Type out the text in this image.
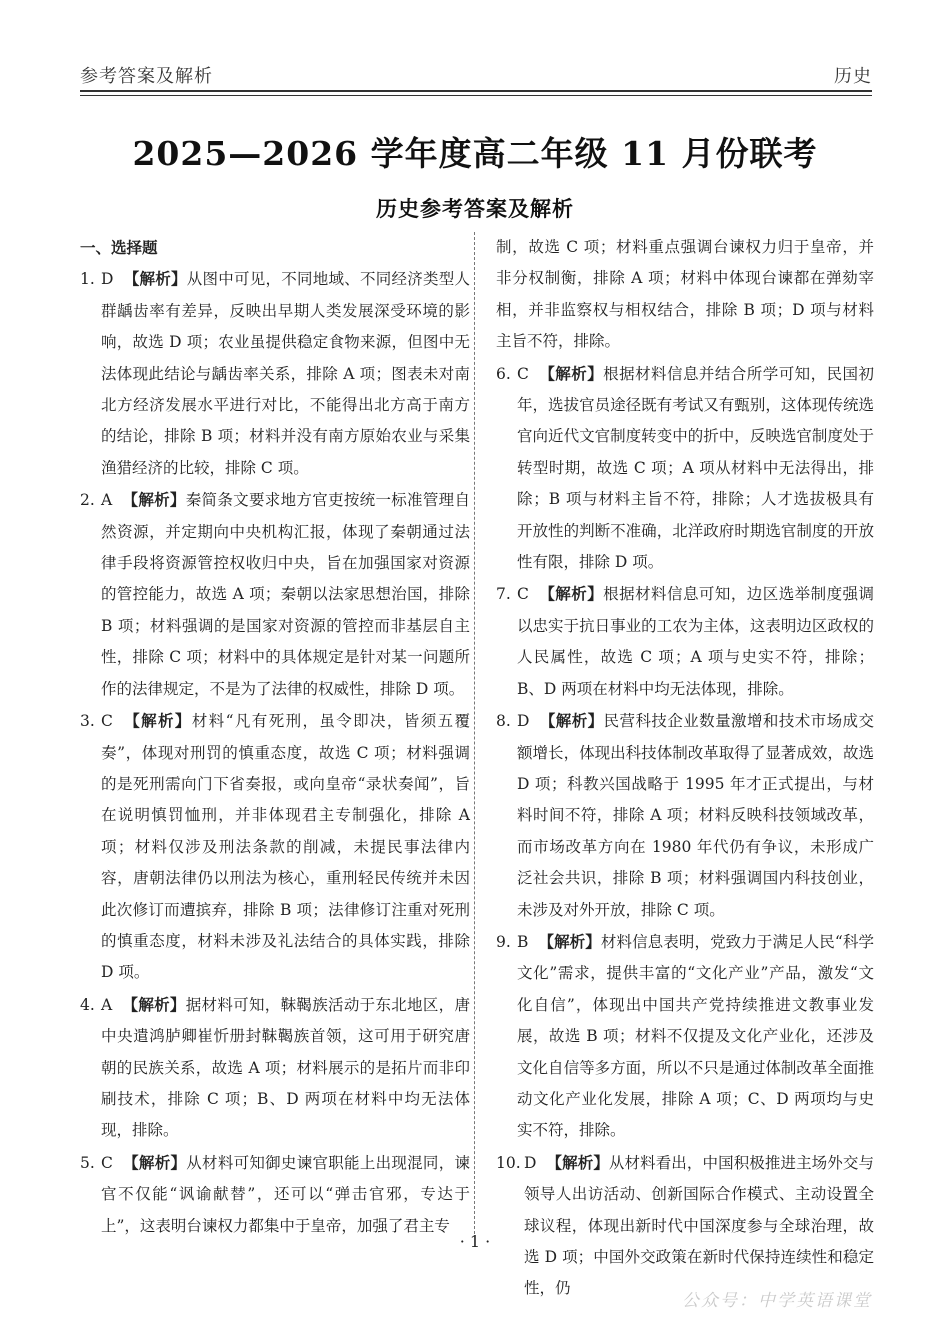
参考答案及解析	历史
2025—2026 学年度高二年级 11 月份联考
历史参考答案及解析
一、选择题

1. D 【解析】从图中可见，不同地域、不同经济类型人群龋齿率有差异，反映出早期人类发展深受环境的影响，故选 D 项；农业虽提供稳定食物来源，但图中无法体现此结论与龋齿率关系，排除 A 项；图表未对南北方经济发展水平进行对比，不能得出北方高于南方的结论，排除 B 项；材料并没有南方原始农业与采集渔猎经济的比较，排除 C 项。

2. A 【解析】秦简条文要求地方官吏按统一标准管理自然资源，并定期向中央机构汇报，体现了秦朝通过法律手段将资源管控权收归中央，旨在加强国家对资源的管控能力，故选 A 项；秦朝以法家思想治国，排除 B 项；材料强调的是国家对资源的管控而非基层自主性，排除 C 项；材料中的具体规定是针对某一问题所作的法律规定，不是为了法律的权威性，排除 D 项。

3. C 【解析】材料“凡有死刑，虽令即决，皆须五覆奏”，体现对刑罚的慎重态度，故选 C 项；材料强调的是死刑需向门下省奏报，或向皇帝“录状奏闻”，旨在说明慎罚恤刑，并非体现君主专制强化，排除 A 项；材料仅涉及刑法条款的削减，未提民事法律内容，唐朝法律仍以刑法为核心，重刑轻民传统并未因此次修订而遭摈弃，排除 B 项；法律修订注重对死刑的慎重态度，材料未涉及礼法结合的具体实践，排除 D 项。

4. A 【解析】据材料可知，靺鞨族活动于东北地区，唐中央遣鸿胪卿崔忻册封靺鞨族首领，这可用于研究唐朝的民族关系，故选 A 项；材料展示的是拓片而非印刷技术，排除 C 项；B、D 两项在材料中均无法体现，排除。

5. C 【解析】从材料可知御史谏官职能上出现混同，谏官不仅能“讽谕献替”，还可以“弹击官邪，专达于上”，这表明台谏权力都集中于皇帝，加强了君主专

制，故选 C 项；材料重点强调台谏权力归于皇帝，并非分权制衡，排除 A 项；材料中体现台谏都在弹劾宰相，并非监察权与相权结合，排除 B 项；D 项与材料主旨不符，排除。

6. C 【解析】根据材料信息并结合所学可知，民国初年，选拔官员途径既有考试又有甄别，这体现传统选官向近代文官制度转变中的折中，反映选官制度处于转型时期，故选 C 项；A 项从材料中无法得出，排除；B 项与材料主旨不符，排除；人才选拔极具有开放性的判断不准确，北洋政府时期选官制度的开放性有限，排除 D 项。

7. C 【解析】根据材料信息可知，边区选举制度强调以忠实于抗日事业的工农为主体，这表明边区政权的人民属性，故选 C 项；A 项与史实不符，排除；B、D 两项在材料中均无法体现，排除。

8. D 【解析】民营科技企业数量激增和技术市场成交额增长，体现出科技体制改革取得了显著成效，故选 D 项；科教兴国战略于 1995 年才正式提出，与材料时间不符，排除 A 项；材料反映科技领域改革，而市场改革方向在 1980 年代仍有争议，未形成广泛社会共识，排除 B 项；材料强调国内科技创业，未涉及对外开放，排除 C 项。

9. B 【解析】材料信息表明，党致力于满足人民“科学文化”需求，提供丰富的“文化产业”产品，激发“文化自信”，体现出中国共产党持续推进文教事业发展，故选 B 项；材料不仅提及文化产业化，还涉及文化自信等多方面，所以不只是通过体制改革全面推动文化产业化发展，排除 A 项；C、D 两项均与史实不符，排除。

10. D 【解析】从材料看出，中国积极推进主场外交与领导人出访活动、创新国际合作模式、主动设置全球议程，体现出新时代中国深度参与全球治理，故选 D 项；中国外交政策在新时代保持连续性和稳定性，仍

· 1 ·
公众号：中学英语课堂
